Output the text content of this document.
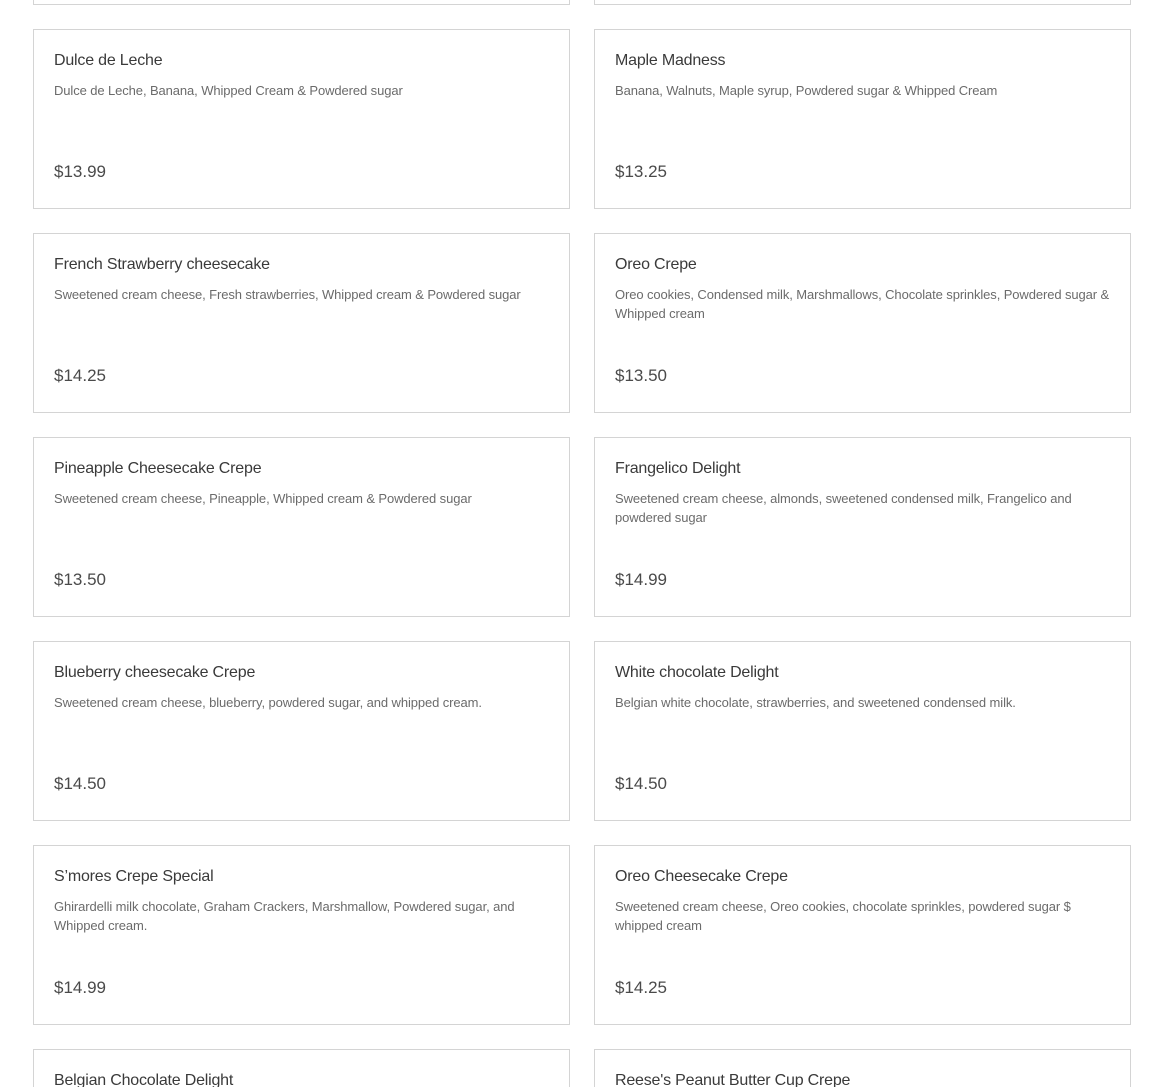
Dulce de Leche
Dulce de Leche, Banana, Whipped Cream & Powdered sugar
$13.99
Maple Madness
Banana, Walnuts, Maple syrup, Powdered sugar & Whipped Cream
$13.25
French Strawberry cheesecake
Sweetened cream cheese, Fresh strawberries, Whipped cream & Powdered sugar
$14.25
Oreo Crepe
Oreo cookies, Condensed milk, Marshmallows, Chocolate sprinkles, Powdered sugar & Whipped cream
$13.50
Pineapple Cheesecake Crepe
Sweetened cream cheese, Pineapple, Whipped cream & Powdered sugar
$13.50
Frangelico Delight
Sweetened cream cheese, almonds, sweetened condensed milk, Frangelico and powdered sugar
$14.99
Blueberry cheesecake Crepe
Sweetened cream cheese, blueberry, powdered sugar, and whipped cream.
$14.50
White chocolate Delight
Belgian white chocolate, strawberries, and sweetened condensed milk.
$14.50
S’mores Crepe Special
Ghirardelli milk chocolate, Graham Crackers, Marshmallow, Powdered sugar, and Whipped cream.
$14.99
Oreo Cheesecake Crepe
Sweetened cream cheese, Oreo cookies, chocolate sprinkles, powdered sugar $ whipped cream
$14.25
Belgian Chocolate Delight	Reese's Peanut Butter Cup Crepe
